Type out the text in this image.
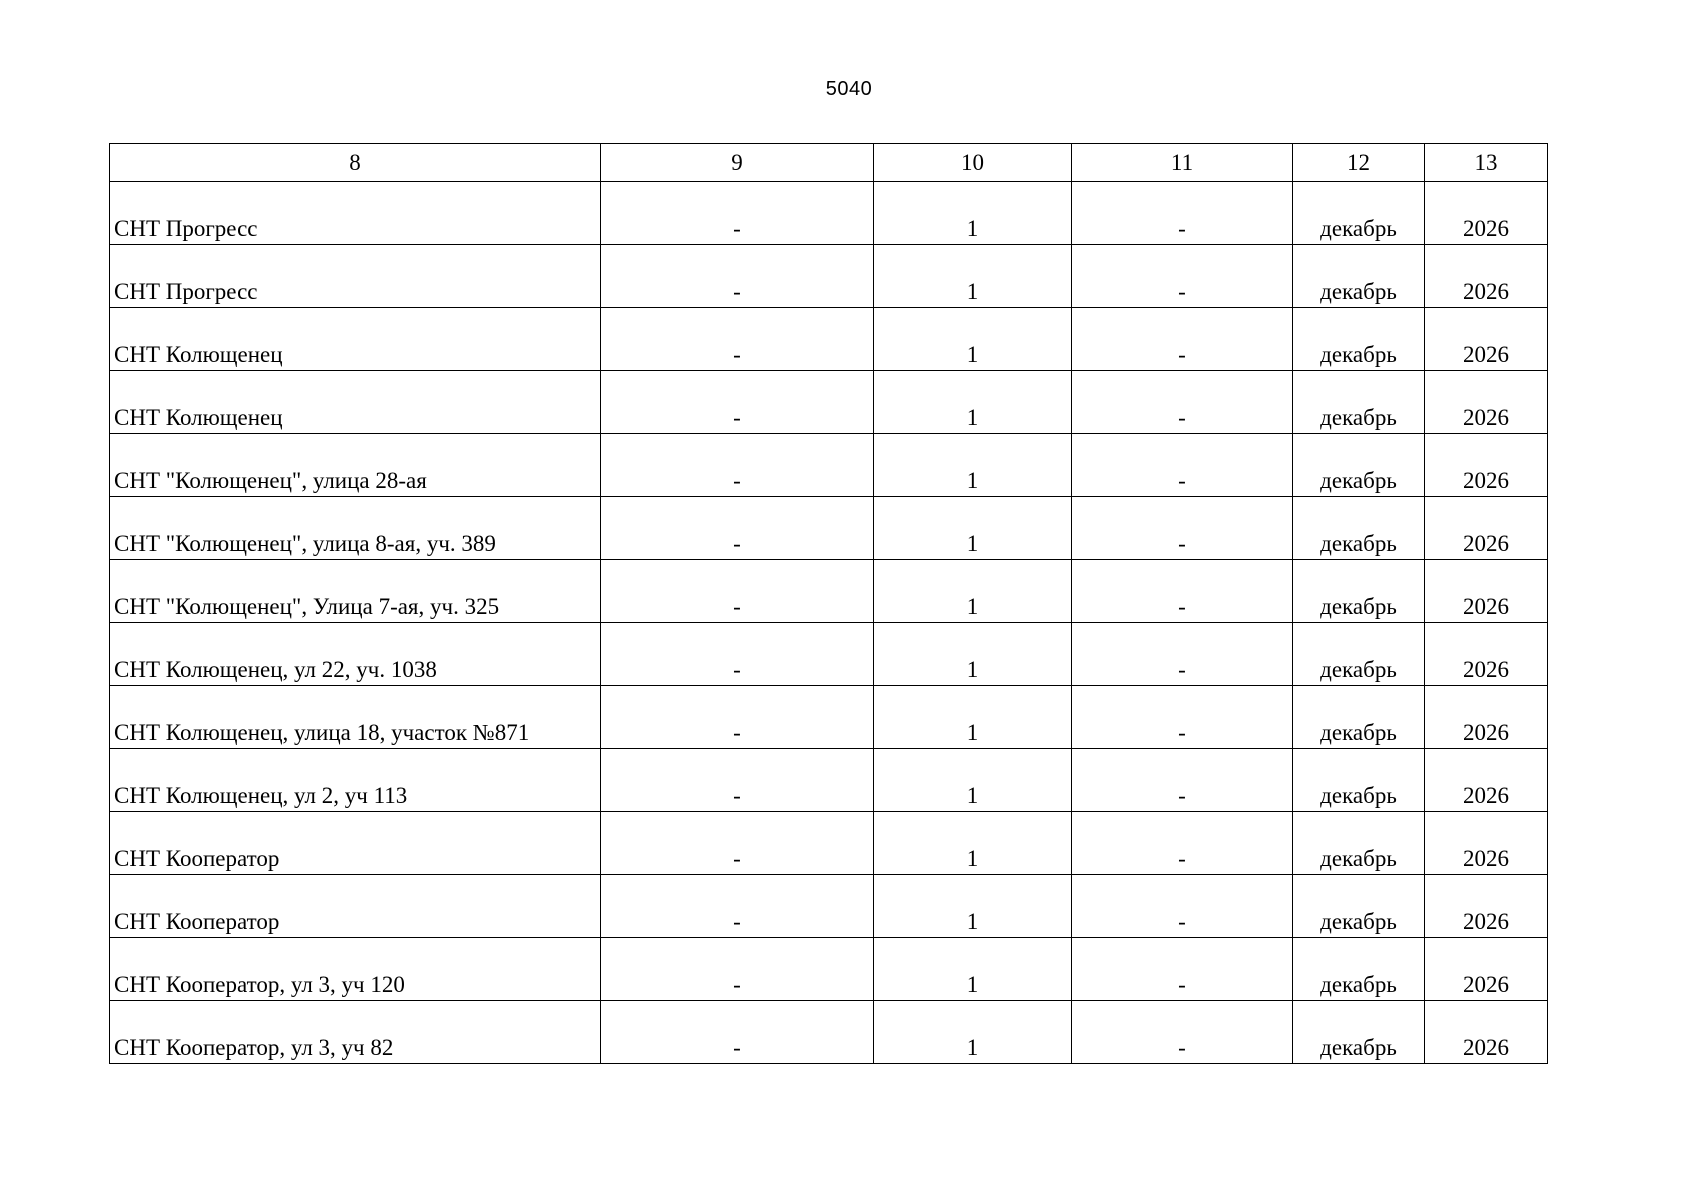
5040
8	9	10	11	12	13
СНТ Прогресс	-	1	-	декабрь	2026
СНТ Прогресс	-	1	-	декабрь	2026
СНТ Колющенец	-	1	-	декабрь	2026
СНТ Колющенец	-	1	-	декабрь	2026
СНТ "Колющенец", улица 28-ая	-	1	-	декабрь	2026
СНТ "Колющенец", улица 8-ая, уч. 389	-	1	-	декабрь	2026
СНТ "Колющенец", Улица 7-ая, уч. 325	-	1	-	декабрь	2026
СНТ Колющенец, ул 22, уч. 1038	-	1	-	декабрь	2026
СНТ Колющенец, улица 18, участок №871	-	1	-	декабрь	2026
СНТ Колющенец, ул 2, уч 113	-	1	-	декабрь	2026
СНТ Кооператор	-	1	-	декабрь	2026
СНТ Кооператор	-	1	-	декабрь	2026
СНТ Кооператор, ул 3, уч 120	-	1	-	декабрь	2026
СНТ Кооператор, ул 3, уч 82	-	1	-	декабрь	2026
